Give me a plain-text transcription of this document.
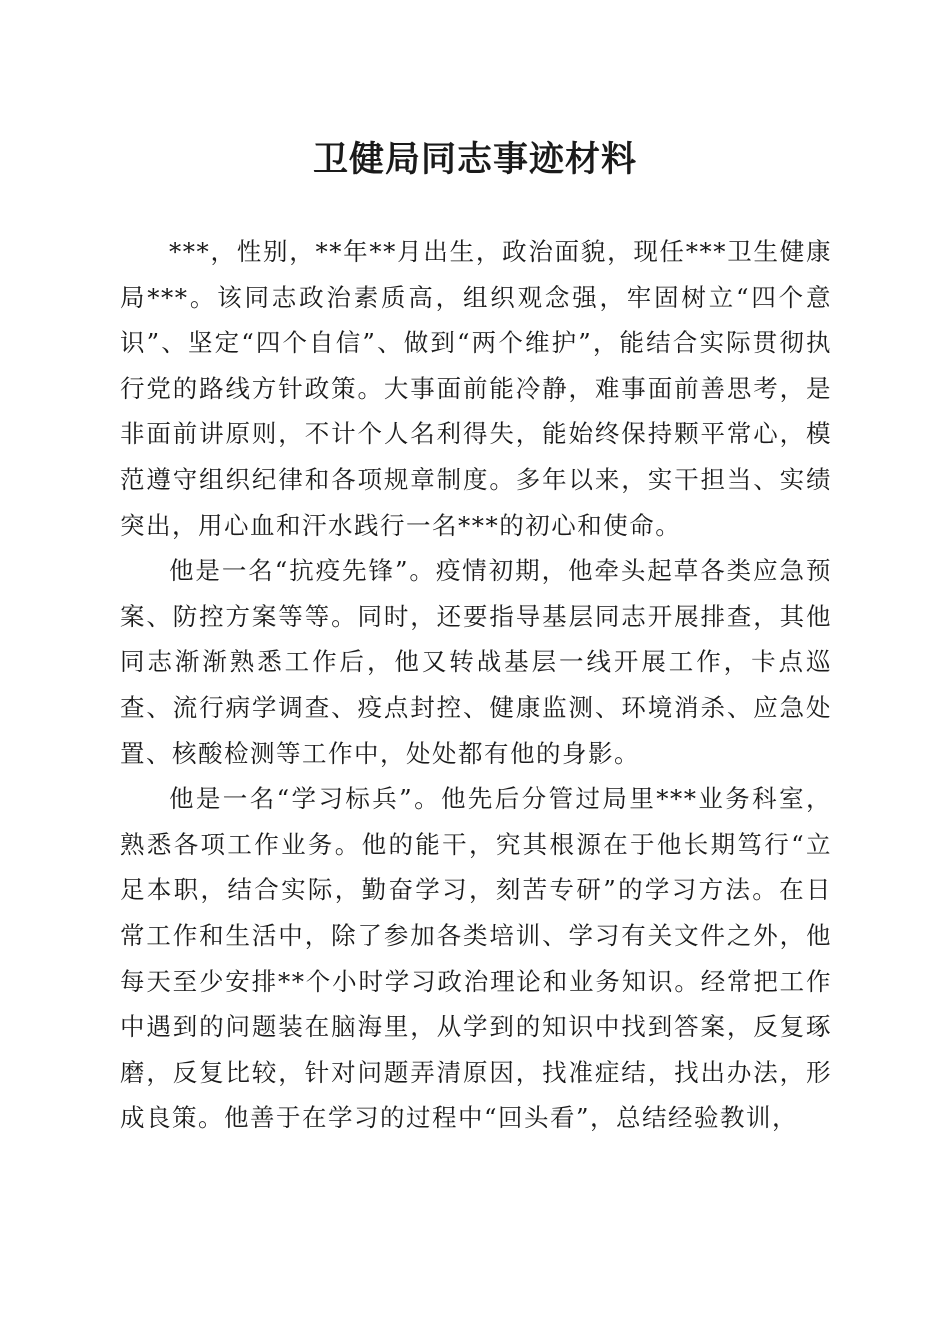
卫健局同志事迹材料

***，性别，**年**月出生，政治面貌，现任***卫生健康局***。该同志政治素质高，组织观念强，牢固树立“四个意识”、坚定“四个自信”、做到“两个维护”，能结合实际贯彻执行党的路线方针政策。大事面前能冷静，难事面前善思考，是非面前讲原则，不计个人名利得失，能始终保持颗平常心，模范遵守组织纪律和各项规章制度。多年以来，实干担当、实绩突出，用心血和汗水践行一名***的初心和使命。

他是一名“抗疫先锋”。疫情初期，他牵头起草各类应急预案、防控方案等等。同时，还要指导基层同志开展排查，其他同志渐渐熟悉工作后，他又转战基层一线开展工作，卡点巡查、流行病学调查、疫点封控、健康监测、环境消杀、应急处置、核酸检测等工作中，处处都有他的身影。

他是一名“学习标兵”。他先后分管过局里***业务科室，熟悉各项工作业务。他的能干，究其根源在于他长期笃行“立足本职，结合实际，勤奋学习，刻苦专研”的学习方法。在日常工作和生活中，除了参加各类培训、学习有关文件之外，他每天至少安排**个小时学习政治理论和业务知识。经常把工作中遇到的问题装在脑海里，从学到的知识中找到答案，反复琢磨，反复比较，针对问题弄清原因，找准症结，找出办法，形成良策。他善于在学习的过程中“回头看”，总结经验教训，
